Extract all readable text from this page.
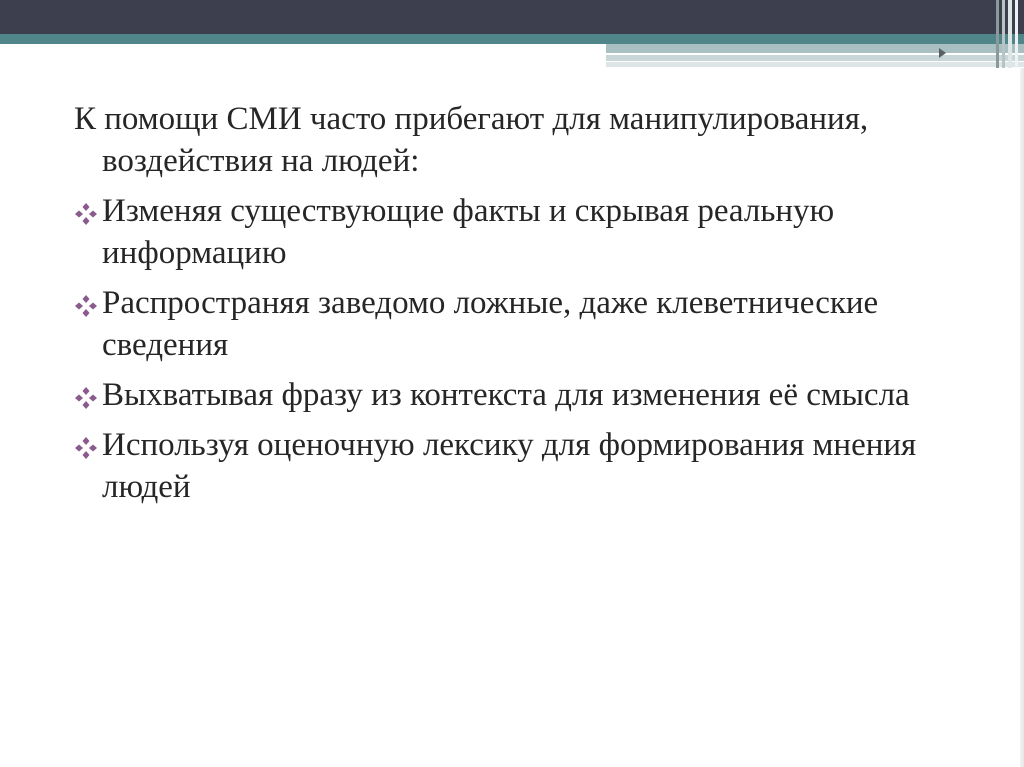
К помощи СМИ часто прибегают для манипулирования, воздействия на людей:

Изменяя существующие факты и скрывая реальную информацию
Распространяя заведомо ложные, даже клеветнические сведения
Выхватывая фразу из контекста для изменения её смысла
Используя оценочную лексику для формирования мнения людей
